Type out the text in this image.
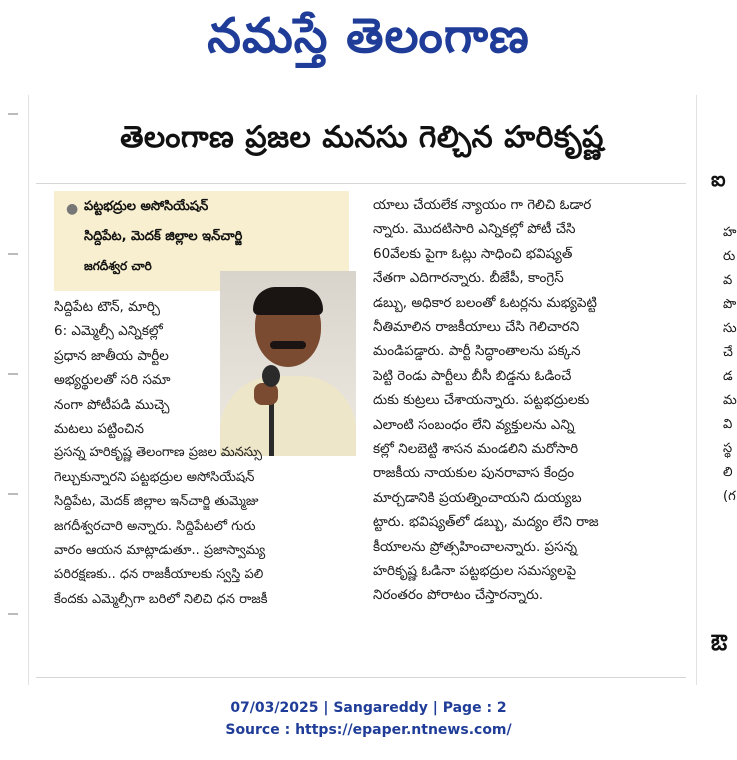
నమస్తే తెలంగాణ
తెలంగాణ ప్రజల మనసు గెల్చిన హరికృష్ణ
● పట్టభద్రుల అసోసియేషన్

సిద్దిపేట, మెదక్ జిల్లాల ఇన్‌చార్జి

జగదీశ్వర చారి

సిద్దిపేట టౌన్, మార్చి

6: ఎమ్మెల్సీ ఎన్నికల్లో

ప్రధాన జాతీయ పార్టీల

అభ్యర్థులతో సరి సమా

నంగా పోటీపడి ముచ్చె

మటలు పట్టించిన

ప్రసన్న హరికృష్ణ తెలంగాణ ప్రజల మనస్సు

గెల్చుకున్నారని పట్టభద్రుల అసోసియేషన్

సిద్దిపేట, మెదక్ జిల్లాల ఇన్‌చార్జి తుమ్మెజు

జగదీశ్వరచారి అన్నారు. సిద్దిపేటలో గురు

వారం ఆయన మాట్లాడుతూ.. ప్రజాస్వామ్య

పరిరక్షణకు.. ధన రాజకీయాలకు స్వస్తి పలి

కేందకు ఎమ్మెల్సీగా బరిలో నిలిచి ధన రాజకీ

యాలు చేయలేక న్యాయం గా గెలిచి ఓడార

న్నారు. మొదటిసారి ఎన్నికల్లో పోటీ చేసి

60వేలకు పైగా ఓట్లు సాధించి భవిష్యత్

నేతగా ఎదిగారన్నారు. బీజేపీ, కాంగ్రెస్

డబ్బు, అధికార బలంతో ఓటర్లను మభ్యపెట్టి

నీతిమాలిన రాజకీయాలు చేసి గెలిచారని

మండిపడ్డారు. పార్టీ సిద్ధాంతాలను పక్కన

పెట్టి రెండు పార్టీలు బీసీ బిడ్డను ఓడించే

దుకు కుట్రలు చేశాయన్నారు. పట్టభద్రులకు

ఎలాంటి సంబంధం లేని వ్యక్తులను ఎన్ని

కల్లో నిలబెట్టి శాసన మండలిని మరోసారి

రాజకీయ నాయకుల పునరావాస కేంద్రం

మార్చడానికి ప్రయత్నించాయని దుయ్యబ

ట్టారు. భవిష్యత్‌లో డబ్బు, మద్యం లేని రాజ

కీయాలను ప్రోత్సహించాలన్నారు. ప్రసన్న

హరికృష్ణ ఓడినా పట్టభద్రుల సమస్యలపై

నిరంతరం పోరాటం చేస్తారన్నారు.

ఐ
హ
రు
వ
పొ
సు
చే
డ
మ
వి
స్థ
లి
(గ
ఔ
07/03/2025 | Sangareddy | Page : 2
Source : https://epaper.ntnews.com/
